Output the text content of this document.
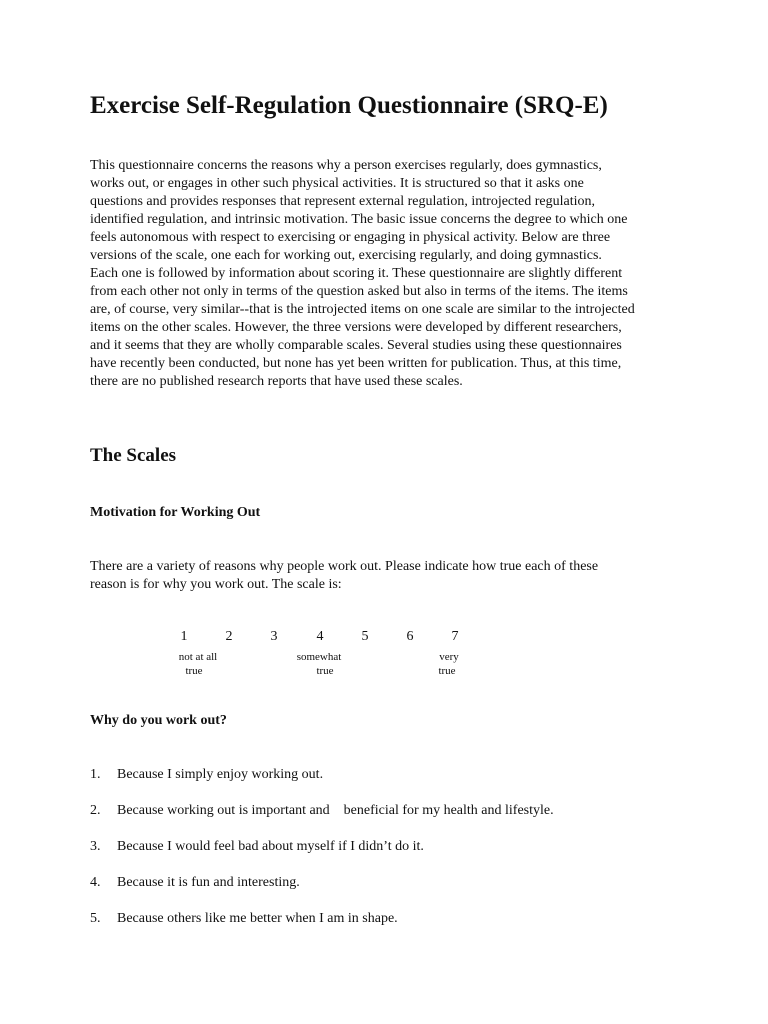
Exercise Self-Regulation Questionnaire (SRQ-E)

This questionnaire concerns the reasons why a person exercises regularly, does gymnastics,
works out, or engages in other such physical activities. It is structured so that it asks one
questions and provides responses that represent external regulation, introjected regulation,
identified regulation, and intrinsic motivation. The basic issue concerns the degree to which one
feels autonomous with respect to exercising or engaging in physical activity. Below are three
versions of the scale, one each for working out, exercising regularly, and doing gymnastics.
Each one is followed by information about scoring it. These questionnaire are slightly different
from each other not only in terms of the question asked but also in terms of the items. The items
are, of course, very similar--that is the introjected items on one scale are similar to the introjected
items on the other scales. However, the three versions were developed by different researchers,
and it seems that they are wholly comparable scales. Several studies using these questionnaires
have recently been conducted, but none has yet been written for publication. Thus, at this time,
there are no published research reports that have used these scales.

The Scales
Motivation for Working Out

There are a variety of reasons why people work out. Please indicate how true each of these
reason is for why you work out. The scale is:

1	2	3	4	5	6	7
not at all
true
somewhat
true
very
true
Why do you work out?
1. Because I simply enjoy working out.
2. Because working out is important and    beneficial for my health and lifestyle.
3. Because I would feel bad about myself if I didn’t do it.
4. Because it is fun and interesting.
5. Because others like me better when I am in shape.
